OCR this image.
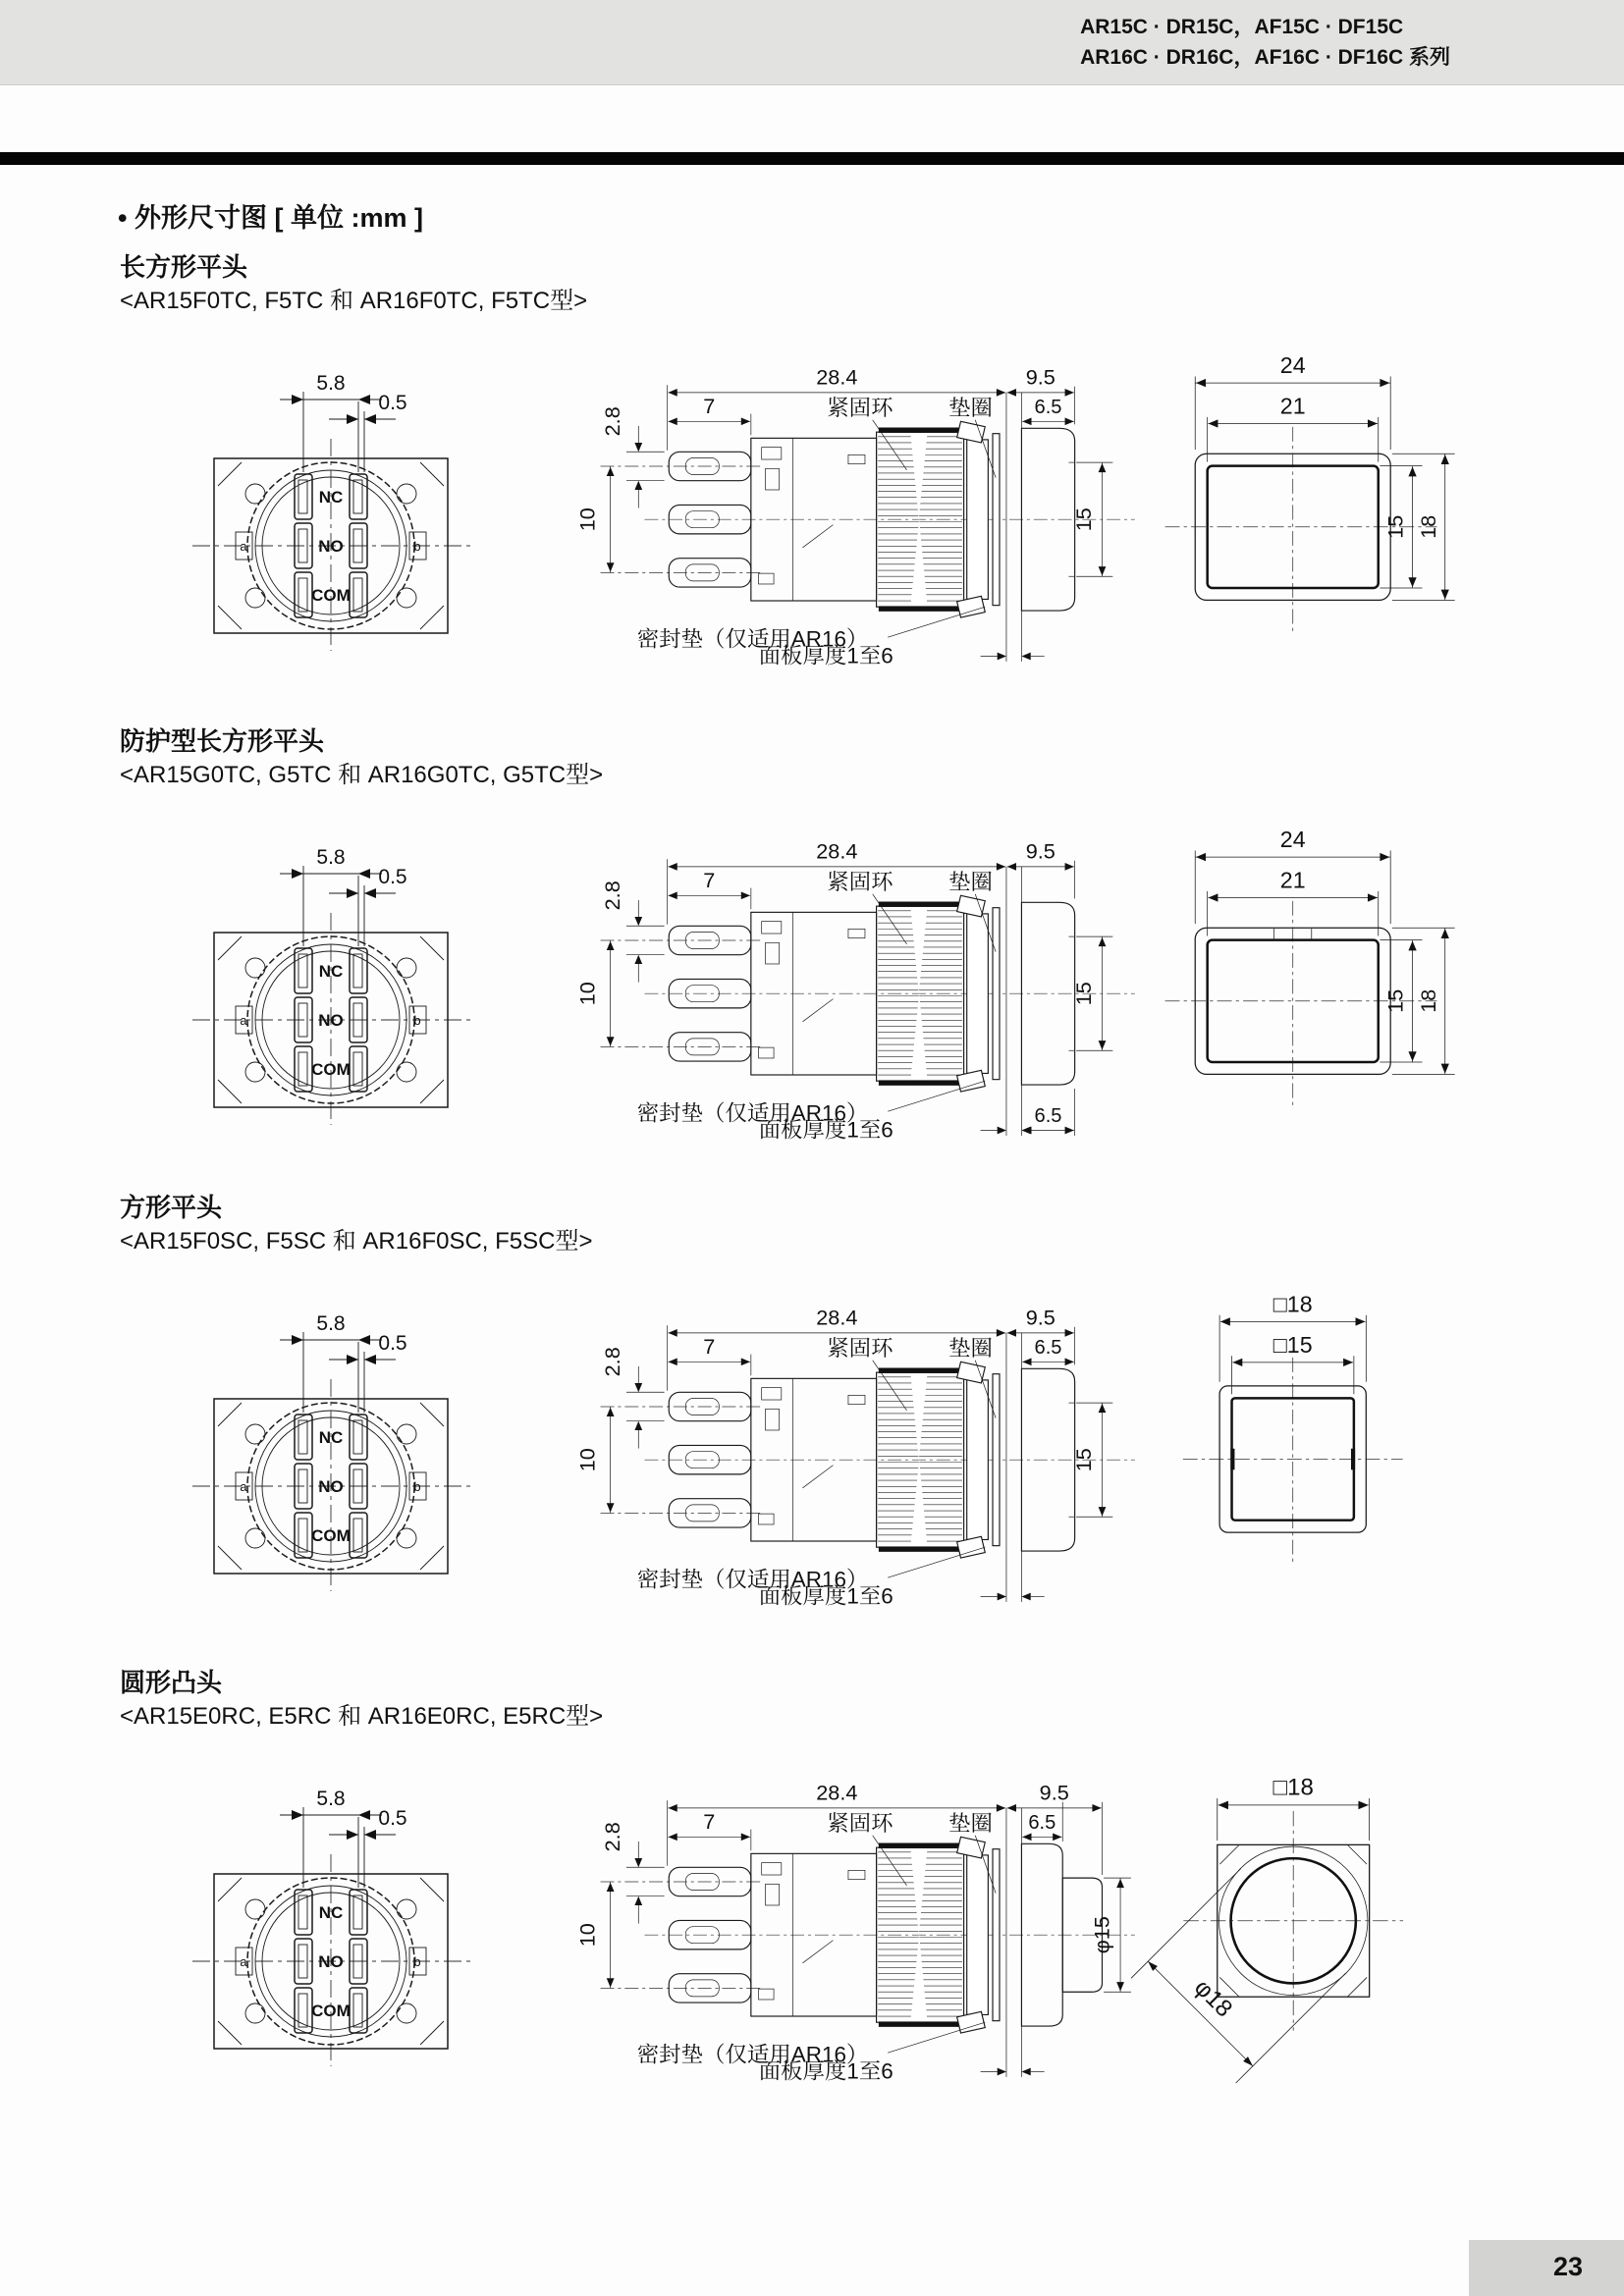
AR15C · DR15C，AF15C · DF15C
AR16C · DR16C，AF16C · DF16C 系列
• 外形尺寸图 [ 单位 :mm ]
长方形平头

<AR15F0TC, F5TC 和 AR16F0TC, F5TC型>

NC
NO
COM
a	b
5.8
0.5
28.4	9.5
7	6.5
2.8
10	15
紧固环 垫圈
密封垫（仅适用AR16）
面板厚度1至6
24
21
15 18
防护型长方形平头

<AR15G0TC, G5TC 和 AR16G0TC, G5TC型>

NC
NO
COM
a	b
5.8
0.5
28.4	9.5
7
2.8
10	15
紧固环 垫圈
密封垫（仅适用AR16）
面板厚度1至6
6.5
24
21
15 18
方形平头

<AR15F0SC, F5SC 和 AR16F0SC, F5SC型>

NC
NO
COM
a	b
5.8
0.5
28.4	9.5
7	6.5
2.8
10	15
紧固环 垫圈
密封垫（仅适用AR16）
面板厚度1至6
□18
□15
圆形凸头

<AR15E0RC, E5RC 和 AR16E0RC, E5RC型>

NC
NO
COM
a	b
5.8
0.5
28.4	9.5
7	6.5
2.8
10	φ15
紧固环 垫圈
密封垫（仅适用AR16）
面板厚度1至6
□18
φ18
23
